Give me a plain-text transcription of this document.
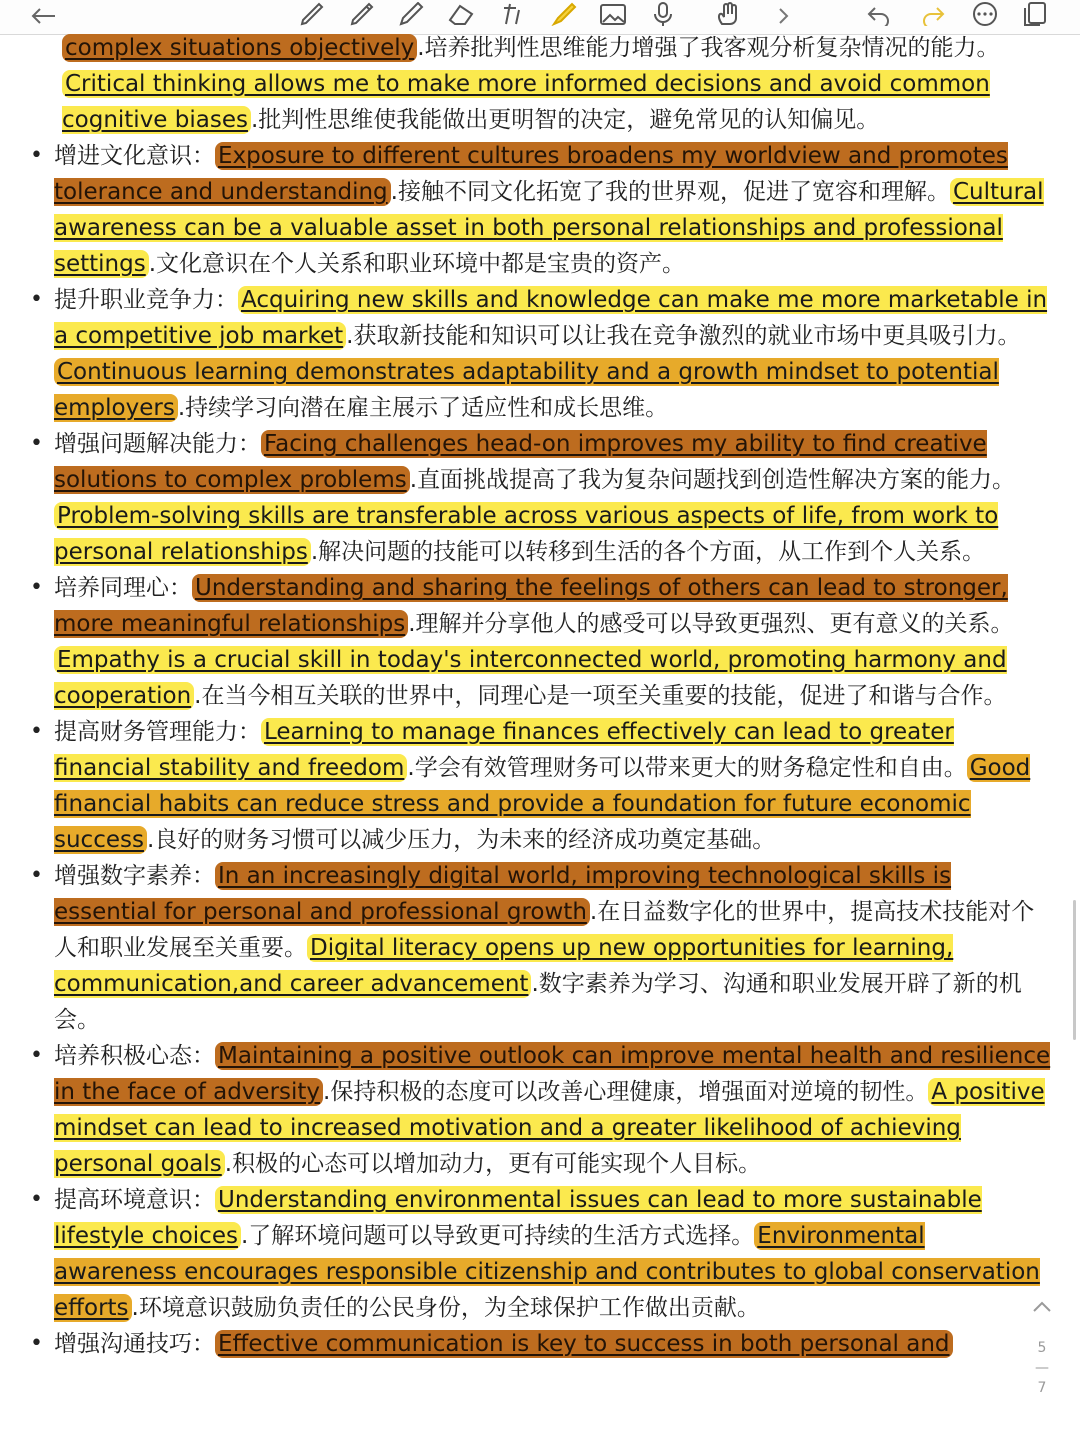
complex situations objectively .培养批判性思维能力增强了我客观分析复杂情况的能力。Critical thinking allows me to make more informed decisions and avoid common cognitive biases .批判性思维使我能做出更明智的决定，避免常见的认知偏见。
• 增进文化意识： Exposure to different cultures broadens my worldview and promotes tolerance and understanding .接触不同文化拓宽了我的世界观，促进了宽容和理解。 Cultural awareness can be a valuable asset in both personal relationships and professional settings .文化意识在个人关系和职业环境中都是宝贵的资产。
• 提升职业竞争力： Acquiring new skills and knowledge can make me more marketable in a competitive job market .获取新技能和知识可以让我在竞争激烈的就业市场中更具吸引力。Continuous learning demonstrates adaptability and a growth mindset to potential employers .持续学习向潜在雇主展示了适应性和成长思维。
• 增强问题解决能力： Facing challenges head-on improves my ability to find creative solutions to complex problems .直面挑战提高了我为复杂问题找到创造性解决方案的能力。Problem-solving skills are transferable across various aspects of life, from work to personal relationships .解决问题的技能可以转移到生活的各个方面，从工作到个人关系。
• 培养同理心： Understanding and sharing the feelings of others can lead to stronger, more meaningful relationships .理解并分享他人的感受可以导致更强烈、更有意义的关系。Empathy is a crucial skill in today's interconnected world, promoting harmony and cooperation .在当今相互关联的世界中，同理心是一项至关重要的技能，促进了和谐与合作。
• 提高财务管理能力： Learning to manage finances effectively can lead to greater financial stability and freedom .学会有效管理财务可以带来更大的财务稳定性和自由。 Good financial habits can reduce stress and provide a foundation for future economic success .良好的财务习惯可以减少压力，为未来的经济成功奠定基础。
• 增强数字素养： In an increasingly digital world, improving technological skills is essential for personal and professional growth .在日益数字化的世界中，提高技术技能对个人和职业发展至关重要。 Digital literacy opens up new opportunities for learning, communication,and career advancement .数字素养为学习、沟通和职业发展开辟了新的机会。
• 培养积极心态： Maintaining a positive outlook can improve mental health and resilience in the face of adversity .保持积极的态度可以改善心理健康，增强面对逆境的韧性。 A positive mindset can lead to increased motivation and a greater likelihood of achieving personal goals .积极的心态可以增加动力，更有可能实现个人目标。
• 提高环境意识： Understanding environmental issues can lead to more sustainable lifestyle choices .了解环境问题可以导致更可持续的生活方式选择。 Environmental awareness encourages responsible citizenship and contributes to global conservation efforts .环境意识鼓励负责任的公民身份，为全球保护工作做出贡献。
• 增强沟通技巧： Effective communication is key to success in both personal and	5
—
7
